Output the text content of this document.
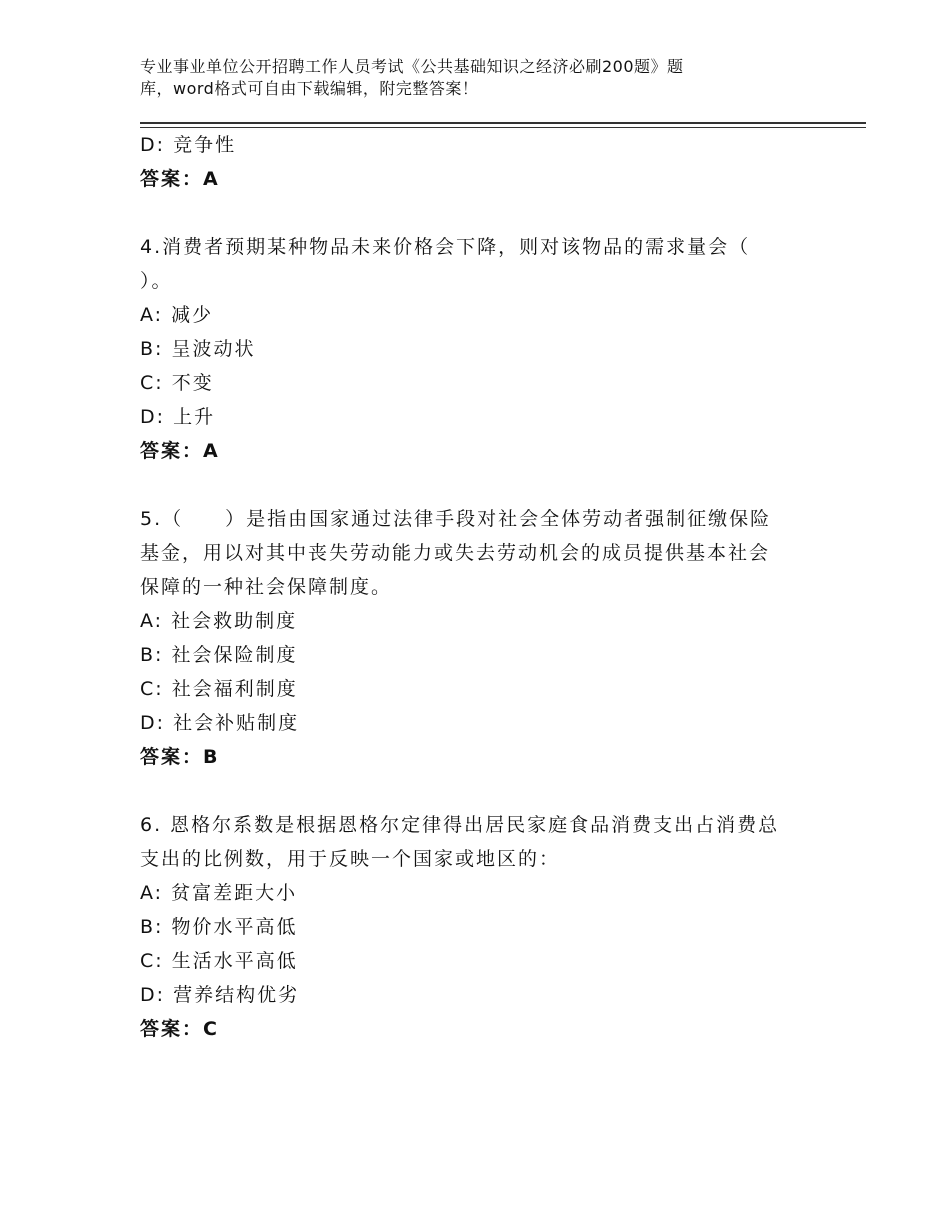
专业事业单位公开招聘工作人员考试《公共基础知识之经济必刷200题》题
库，word格式可自由下载编辑，附完整答案！
D: 竞争性
答案：A
4.消费者预期某种物品未来价格会下降，则对该物品的需求量会（
）。
A: 减少
B: 呈波动状
C: 不变
D: 上升
答案：A
5.（　　）是指由国家通过法律手段对社会全体劳动者强制征缴保险
基金，用以对其中丧失劳动能力或失去劳动机会的成员提供基本社会
保障的一种社会保障制度。
A: 社会救助制度
B: 社会保险制度
C: 社会福利制度
D: 社会补贴制度
答案：B
6. 恩格尔系数是根据恩格尔定律得出居民家庭食品消费支出占消费总
支出的比例数，用于反映一个国家或地区的：
A: 贫富差距大小
B: 物价水平高低
C: 生活水平高低
D: 营养结构优劣
答案：C
